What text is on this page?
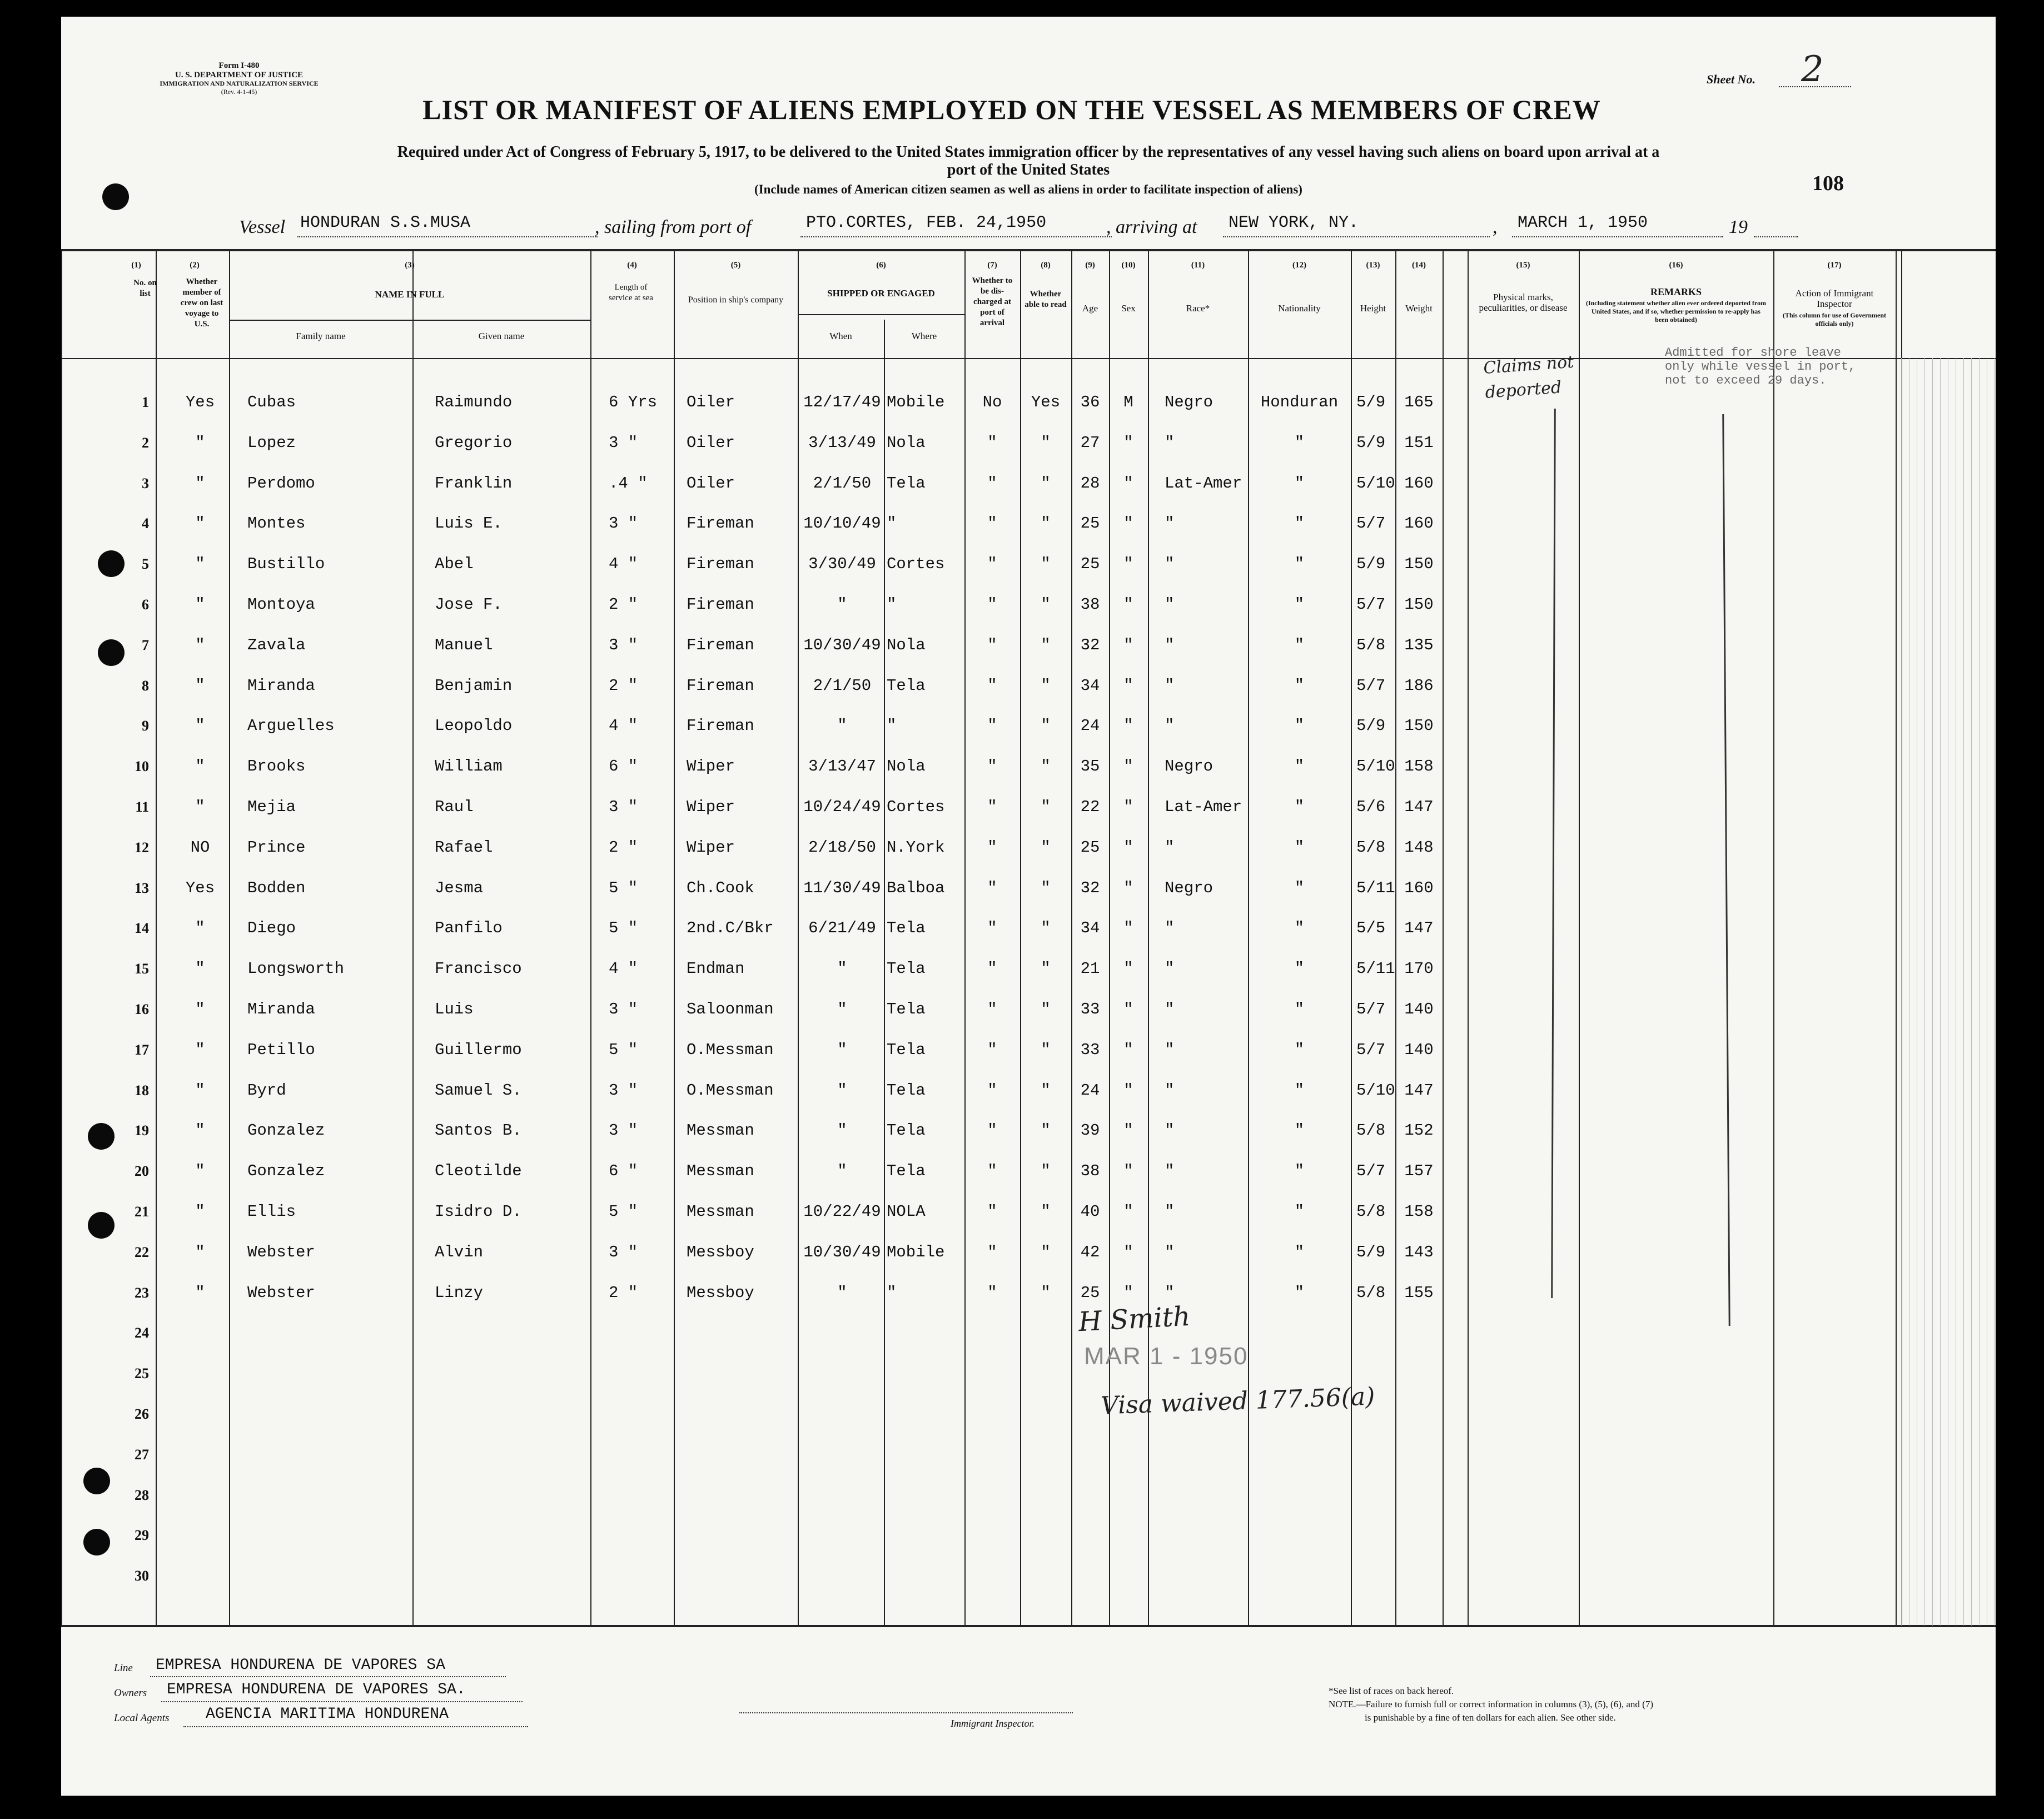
Form I-480
U. S. DEPARTMENT OF JUSTICE
IMMIGRATION AND NATURALIZATION SERVICE
(Rev. 4-1-45)
Sheet No. 2
LIST OR MANIFEST OF ALIENS EMPLOYED ON THE VESSEL AS MEMBERS OF CREW
Required under Act of Congress of February 5, 1917, to be delivered to the United States immigration officer by the representatives of any vessel having such aliens on board upon arrival at a
port of the United States
(Include names of American citizen seamen as well as aliens in order to facilitate inspection of aliens)	108
Vessel HONDURAN S.S.MUSA	, sailing from port of	PTO.CORTES, FEB. 24,1950	, arriving at NEW YORK, NY.	, MARCH 1, 1950	19
(1)
No. on list
(2)
Whether member of crew on last voyage to U.S.
(3)
NAME IN FULL
Family name	Given name
(4)
Length of service at sea
(5)
Position in ship's company
(6)
SHIPPED OR ENGAGED
When	Where
(7)
Whether to be dis-charged at port of arrival
(8)
Whether able to read
(9)
Age
(10)
Sex
(11)
Race*
(12)
Nationality
(13)
Height
(14)
Weight
(15)
Physical marks, peculiarities, or disease
(16)
REMARKS
(Including statement whether alien ever ordered deported from United States, and if so, whether permission to re-apply has been obtained)
(17)
Action of Immigrant Inspector
(This column for use of Government officials only)
1	Yes	Cubas	Raimundo	6 Yrs Oiler	12/17/49 Mobile	No	Yes	36	M	Negro	Honduran	5/9	165
2	"	Lopez	Gregorio	3 "	Oiler	3/13/49 Nola	"	"	27	"	"	"	5/9	151
3	"	Perdomo	Franklin	.4 " Oiler	2/1/50 Tela	"	"	28	"	Lat-Amer	"	5/10 160
4	"	Montes	Luis E.	3 "	Fireman	10/10/49 "	"	"	25	"	"	"	5/7	160
5	"	Bustillo	Abel	4 "	Fireman	3/30/49 Cortes	"	"	25	"	"	"	5/9	150
6	"	Montoya	Jose F.	2 "	Fireman	"	"	"	"	38	"	"	"	5/7	150
7	"	Zavala	Manuel	3 "	Fireman	10/30/49 Nola	"	"	32	"	"	"	5/8	135
8	"	Miranda	Benjamin	2 "	Fireman	2/1/50 Tela	"	"	34	"	"	"	5/7	186
9	"	Arguelles	Leopoldo	4 "	Fireman	"	"	"	"	24	"	"	"	5/9	150
10	"	Brooks	William	6 "	Wiper	3/13/47 Nola	"	"	35	"	Negro	"	5/10 158
11	"	Mejia	Raul	3 "	Wiper	10/24/49 Cortes	"	"	22	"	Lat-Amer	"	5/6	147
12	NO	Prince	Rafael	2 "	Wiper	2/18/50 N.York	"	"	25	"	"	"	5/8	148
13	Yes	Bodden	Jesma	5 "	Ch.Cook	11/30/49 Balboa	"	"	32	"	Negro	"	5/11 160
14	"	Diego	Panfilo	5 "	2nd.C/Bkr	6/21/49 Tela	"	"	34	"	"	"	5/5	147
15	"	Longsworth	Francisco	4 "	Endman	"	Tela	"	"	21	"	"	"	5/11 170
16	"	Miranda	Luis	3 "	Saloonman	"	Tela	"	"	33	"	"	"	5/7	140
17	"	Petillo	Guillermo	5 "	O.Messman	"	Tela	"	"	33	"	"	"	5/7	140
18	"	Byrd	Samuel S.	3 "	O.Messman	"	Tela	"	"	24	"	"	"	5/10 147
19	"	Gonzalez	Santos B.	3 "	Messman	"	Tela	"	"	39	"	"	"	5/8	152
20	"	Gonzalez	Cleotilde	6 "	Messman	"	Tela	"	"	38	"	"	"	5/7	157
21	"	Ellis	Isidro D.	5 "	Messman	10/22/49 NOLA	"	"	40	"	"	"	5/8	158
22	"	Webster	Alvin	3 "	Messboy	10/30/49 Mobile	"	"	42	"	"	"	5/9	143
23	"	Webster	Linzy	2 "	Messboy	"	"	"	"	25	"	"	"	5/8	155
24
25
26
27
28
29
30
Claims not deported
Admitted for shore leave only while vessel in port, not to exceed 29 days.
H Smith
MAR 1 - 1950
Visa waived 177.56(a)
Line EMPRESA HONDURENA DE VAPORES SA
Owners EMPRESA HONDURENA DE VAPORES SA.
Local Agents AGENCIA MARITIMA HONDURENA
Immigrant Inspector.
*See list of races on back hereof.
NOTE.—Failure to furnish full or correct information in columns (3), (5), (6), and (7)
is punishable by a fine of ten dollars for each alien. See other side.
